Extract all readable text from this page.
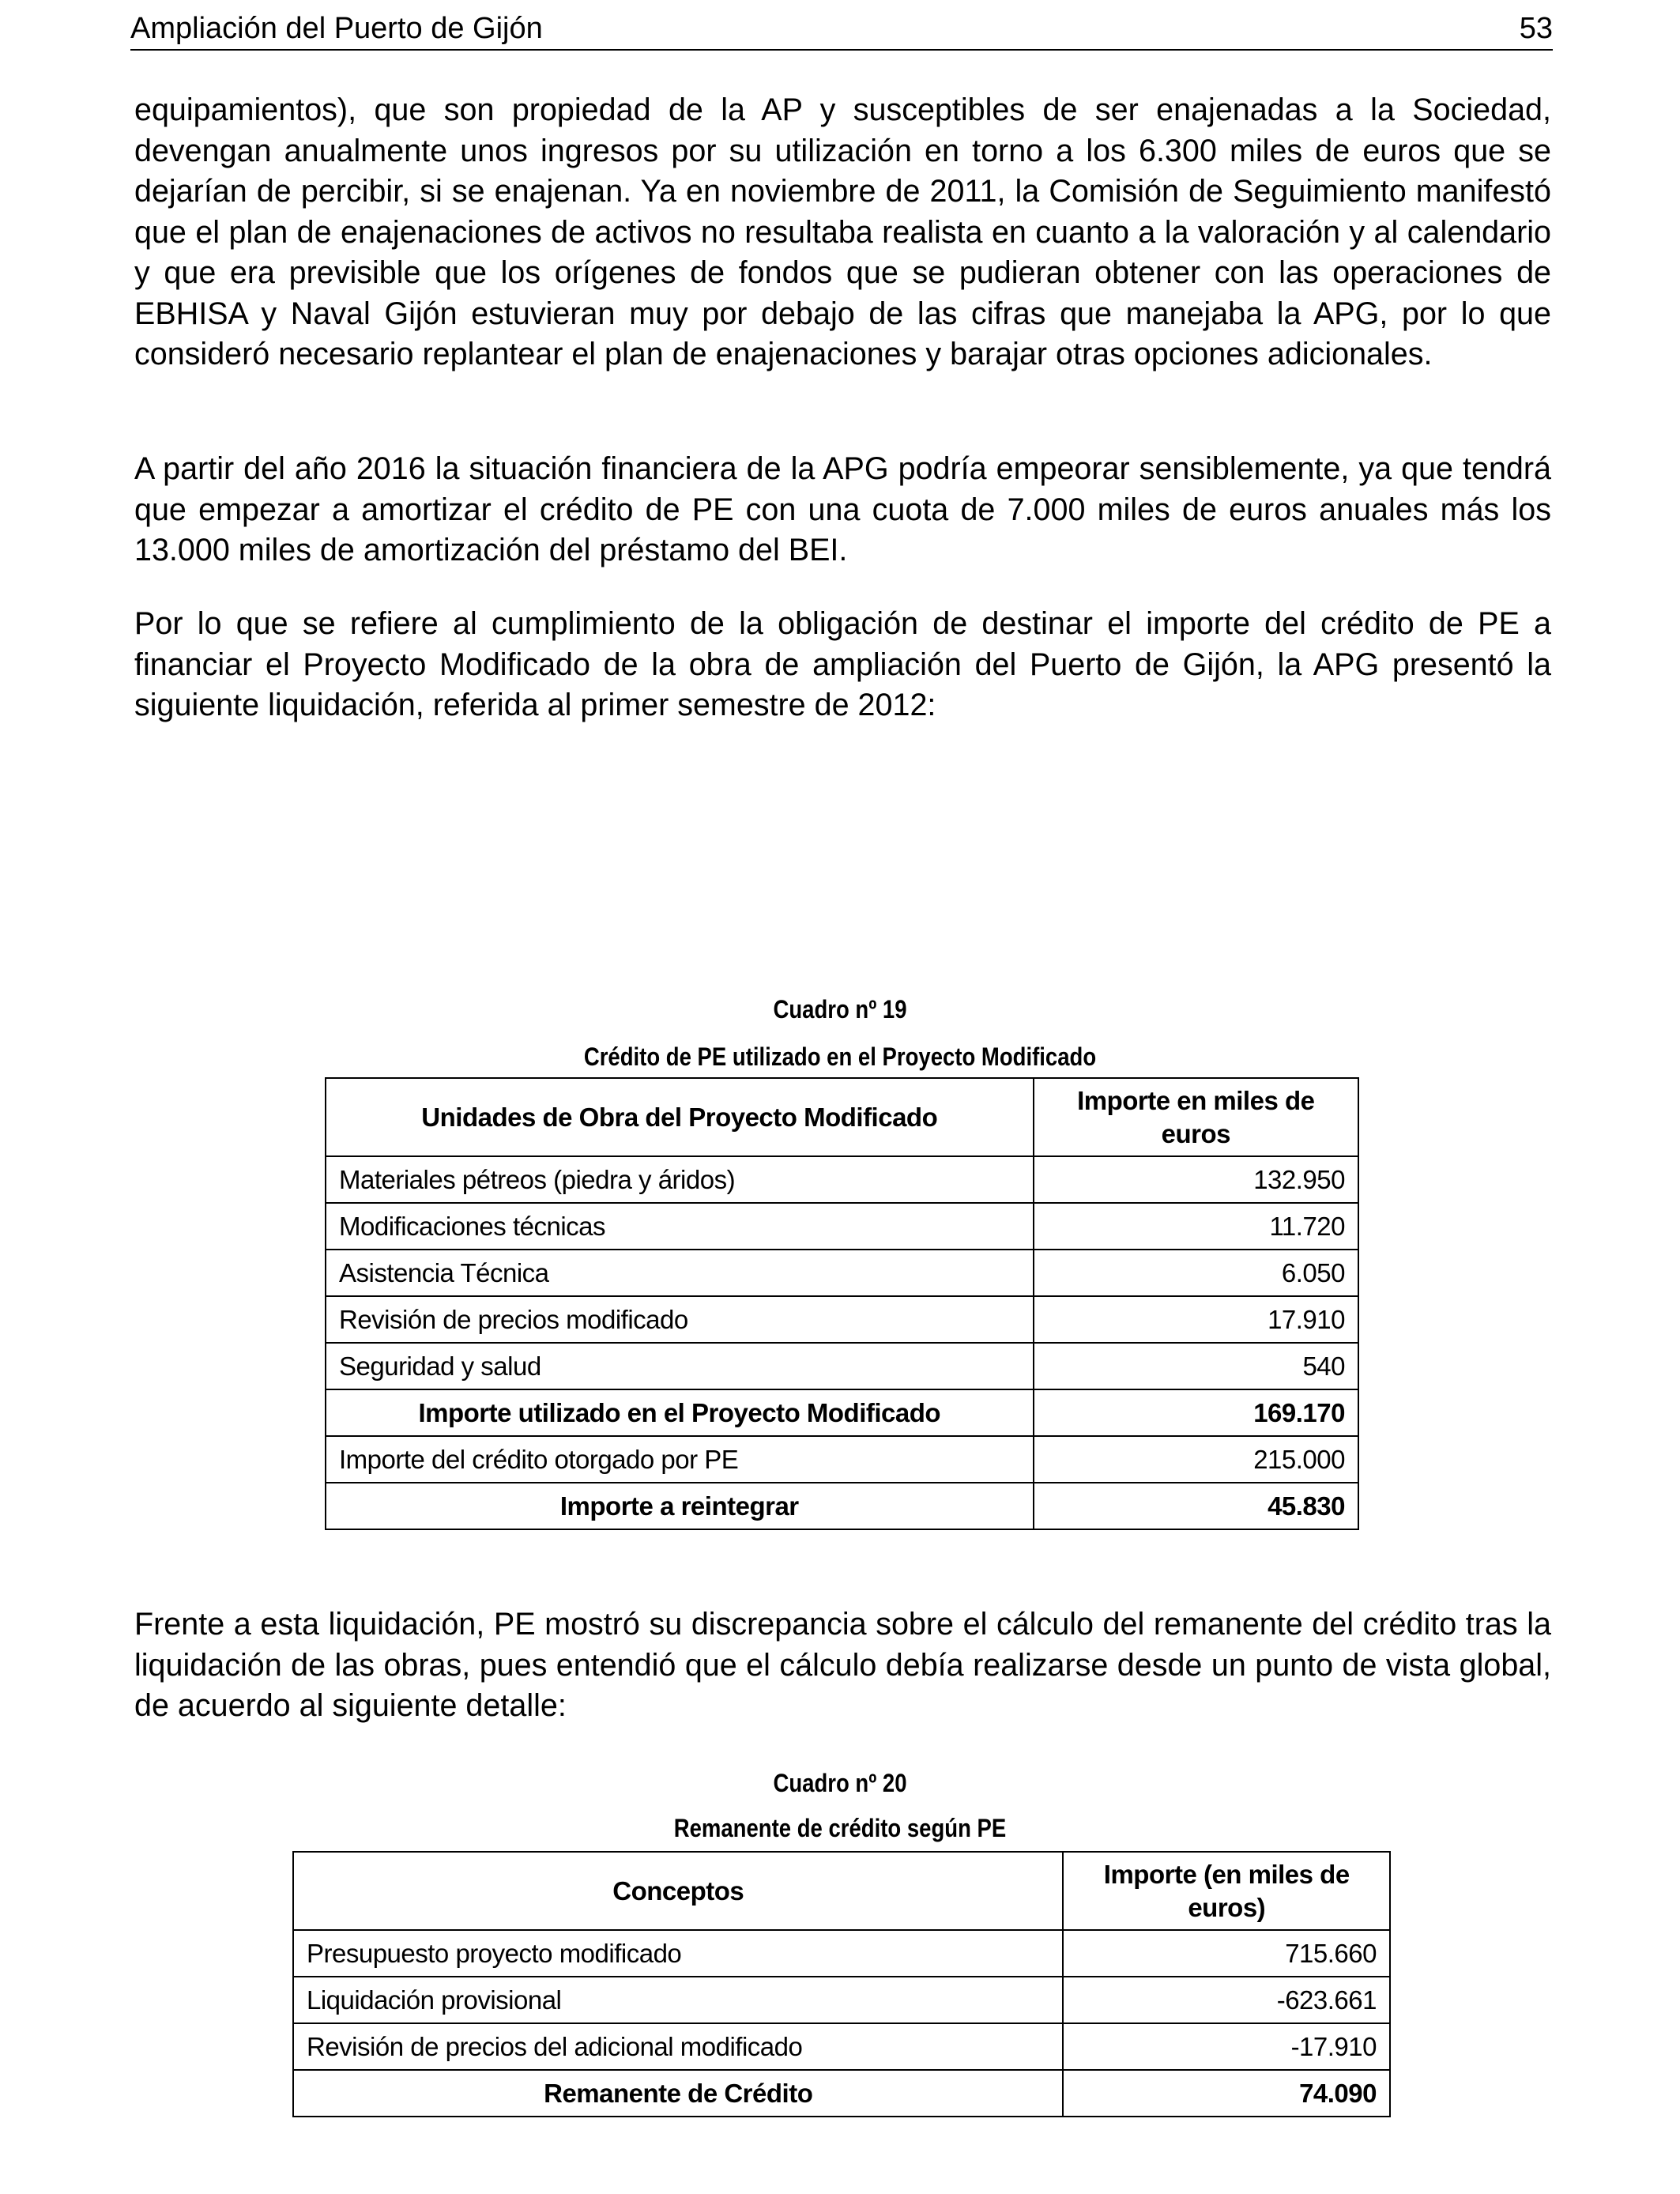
Ampliación del Puerto de Gijón	53

equipamientos), que son propiedad de la AP y susceptibles de ser enajenadas a la Sociedad, devengan anualmente unos ingresos por su utilización en torno a los 6.300 miles de euros que se dejarían de percibir, si se enajenan. Ya en noviembre de 2011, la Comisión de Seguimiento manifestó que el plan de enajenaciones de activos no resultaba realista en cuanto a la valoración y al calendario y que era previsible que los orígenes de fondos que se pudieran obtener con las operaciones de EBHISA y Naval Gijón estuvieran muy por debajo de las cifras que manejaba la APG, por lo que consideró necesario replantear el plan de enajenaciones y barajar otras opciones adicionales.

A partir del año 2016 la situación financiera de la APG podría empeorar sensiblemente, ya que tendrá que empezar a amortizar el crédito de PE con una cuota de 7.000 miles de euros anuales más los 13.000 miles de amortización del préstamo del BEI.

Por lo que se refiere al cumplimiento de la obligación de destinar el importe del crédito de PE a financiar el Proyecto Modificado de la obra de ampliación del Puerto de Gijón, la APG presentó la siguiente liquidación, referida al primer semestre de 2012:

Cuadro nº 19
Crédito de PE utilizado en el Proyecto Modificado
Unidades de Obra del Proyecto Modificado	Importe en miles de euros
Materiales pétreos (piedra y áridos)	132.950
Modificaciones técnicas	11.720
Asistencia Técnica	6.050
Revisión de precios modificado	17.910
Seguridad y salud	540
Importe utilizado en el Proyecto Modificado	169.170
Importe del crédito otorgado por PE	215.000
Importe a reintegrar	45.830

Frente a esta liquidación, PE mostró su discrepancia sobre el cálculo del remanente del crédito tras la liquidación de las obras, pues entendió que el cálculo debía realizarse desde un punto de vista global, de acuerdo al siguiente detalle:

Cuadro nº 20
Remanente de crédito según PE
Conceptos	Importe (en miles de euros)
Presupuesto proyecto modificado	715.660
Liquidación provisional	-623.661
Revisión de precios del adicional modificado	-17.910
Remanente de Crédito	74.090
